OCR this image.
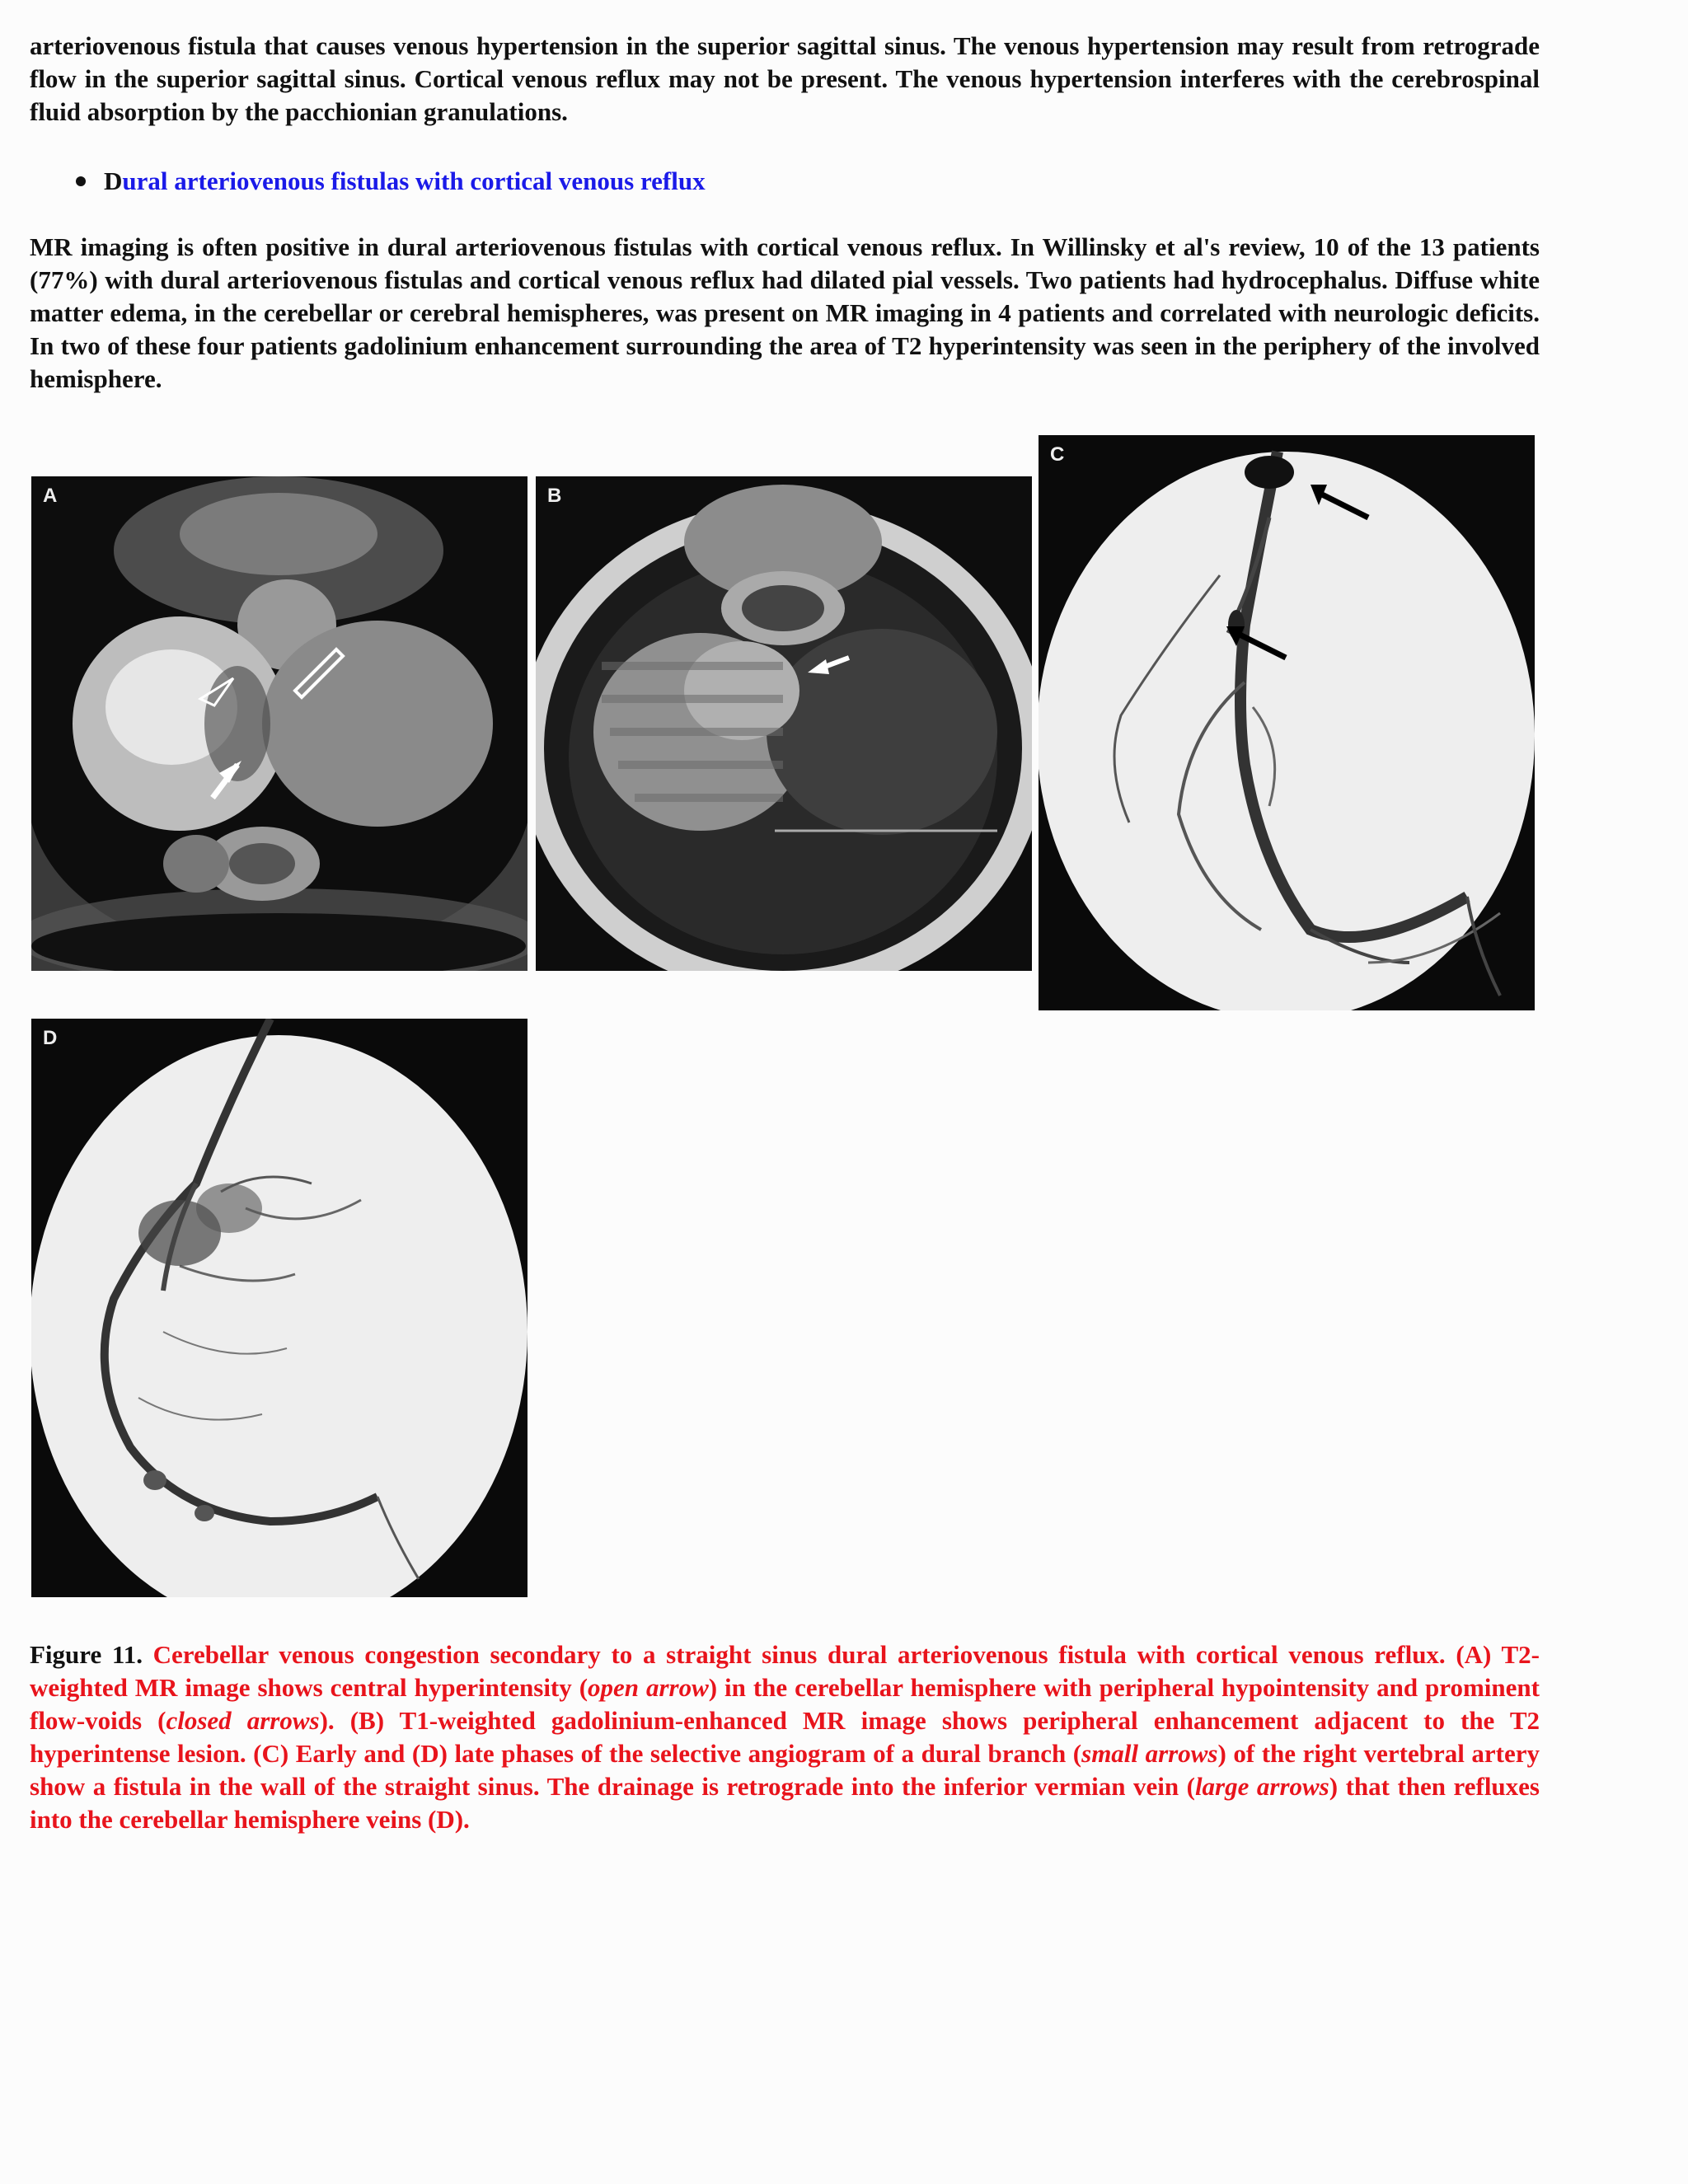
arteriovenous fistula that causes venous hypertension in the superior sagittal sinus. The venous hypertension may result from retrograde flow in the superior sagittal sinus. Cortical venous reflux may not be present. The venous hypertension interferes with the cerebrospinal fluid absorption by the pacchionian granulations.

Dural arteriovenous fistulas with cortical venous reflux

MR imaging is often positive in dural arteriovenous fistulas with cortical venous reflux. In Willinsky et al's review, 10 of the 13 patients (77%) with dural arteriovenous fistulas and cortical venous reflux had dilated pial vessels. Two patients had hydrocephalus. Diffuse white matter edema, in the cerebellar or cerebral hemispheres, was present on MR imaging in 4 patients and correlated with neurologic deficits. In two of these four patients gadolinium enhancement surrounding the area of T2 hyperintensity was seen in the periphery of the involved hemisphere.

A	B
C
D

Figure 11. Cerebellar venous congestion secondary to a straight sinus dural arteriovenous fistula with cortical venous reflux. (A) T2-weighted MR image shows central hyperintensity (open arrow) in the cerebellar hemisphere with peripheral hypointensity and prominent flow-voids (closed arrows). (B) T1-weighted gadolinium-enhanced MR image shows peripheral enhancement adjacent to the T2 hyperintense lesion. (C) Early and (D) late phases of the selective angiogram of a dural branch (small arrows) of the right vertebral artery show a fistula in the wall of the straight sinus. The drainage is retrograde into the inferior vermian vein (large arrows) that then refluxes into the cerebellar hemisphere veins (D).
